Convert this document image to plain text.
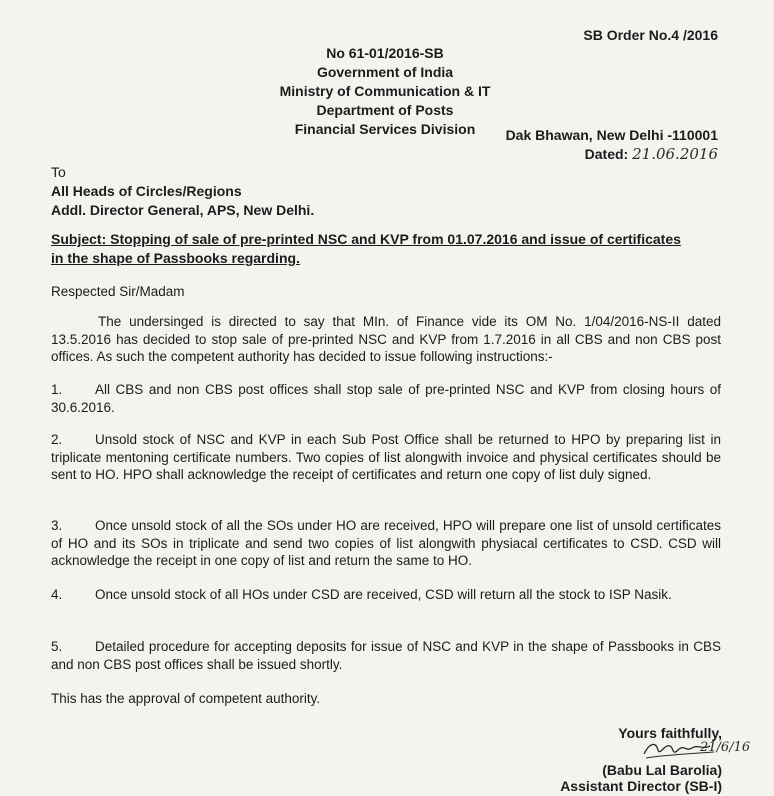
SB Order No.4 /2016
No 61-01/2016-SB
Government of India
Ministry of Communication & IT
Department of Posts
Financial Services Division	Dak Bhawan, New Delhi -110001
Dated: 21.06.2016
To
All Heads of Circles/Regions
Addl. Director General, APS, New Delhi.
Subject: Stopping of sale of pre-printed NSC and KVP from 01.07.2016 and issue of certificates
in the shape of Passbooks regarding.
Respected Sir/Madam
The undersinged is directed to say that MIn. of Finance vide its OM No. 1/04/2016-NS-II dated 13.5.2016 has decided to stop sale of pre-printed NSC and KVP from 1.7.2016 in all CBS and non CBS post offices. As such the competent authority has decided to issue following instructions:-
1. All CBS and non CBS post offices shall stop sale of pre-printed NSC and KVP from closing hours of 30.6.2016.
2. Unsold stock of NSC and KVP in each Sub Post Office shall be returned to HPO by preparing list in triplicate mentoning certificate numbers. Two copies of list alongwith invoice and physical certificates should be sent to HO. HPO shall acknowledge the receipt of certificates and return one copy of list duly signed.
3. Once unsold stock of all the SOs under HO are received, HPO will prepare one list of unsold certificates of HO and its SOs in triplicate and send two copies of list alongwith physiacal certificates to CSD. CSD will acknowledge the receipt in one copy of list and return the same to HO.
4. Once unsold stock of all HOs under CSD are received, CSD will return all the stock to ISP Nasik.
5. Detailed procedure for accepting deposits for issue of NSC and KVP in the shape of Passbooks in CBS and non CBS post offices shall be issued shortly.
This has the approval of competent authority.
Yours faithfully,
21/6/16
(Babu Lal Barolia)
Assistant Director (SB-I)
